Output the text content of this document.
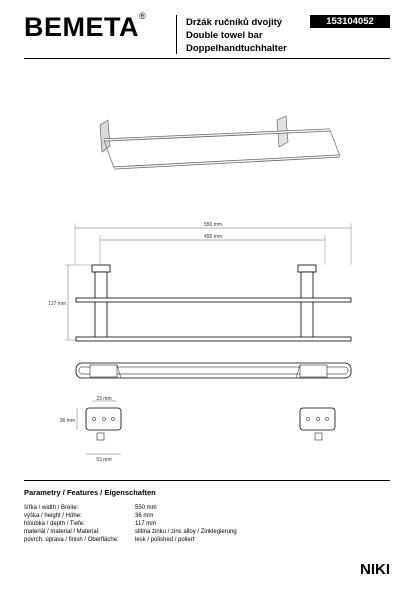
BEMETA®
Držák ručníků dvojitý
Double towel bar
Doppelhandtuchhalter
153104052
550 mm
450 mm
117 mm
23 mm
36 mm
53 mm
Parametry / Features / Eigenschaften
šířka / width / Breite:	550 mm
výška / height / Höhe:	36 mm
hloubka / depth / Tiefe:	117 mm
materiál / material / Material:	slitina zinku / zinc alloy / Zinklegierung
povrch. úprava / finish / Oberfläche:	lesk / polished / poliert
NIKI
